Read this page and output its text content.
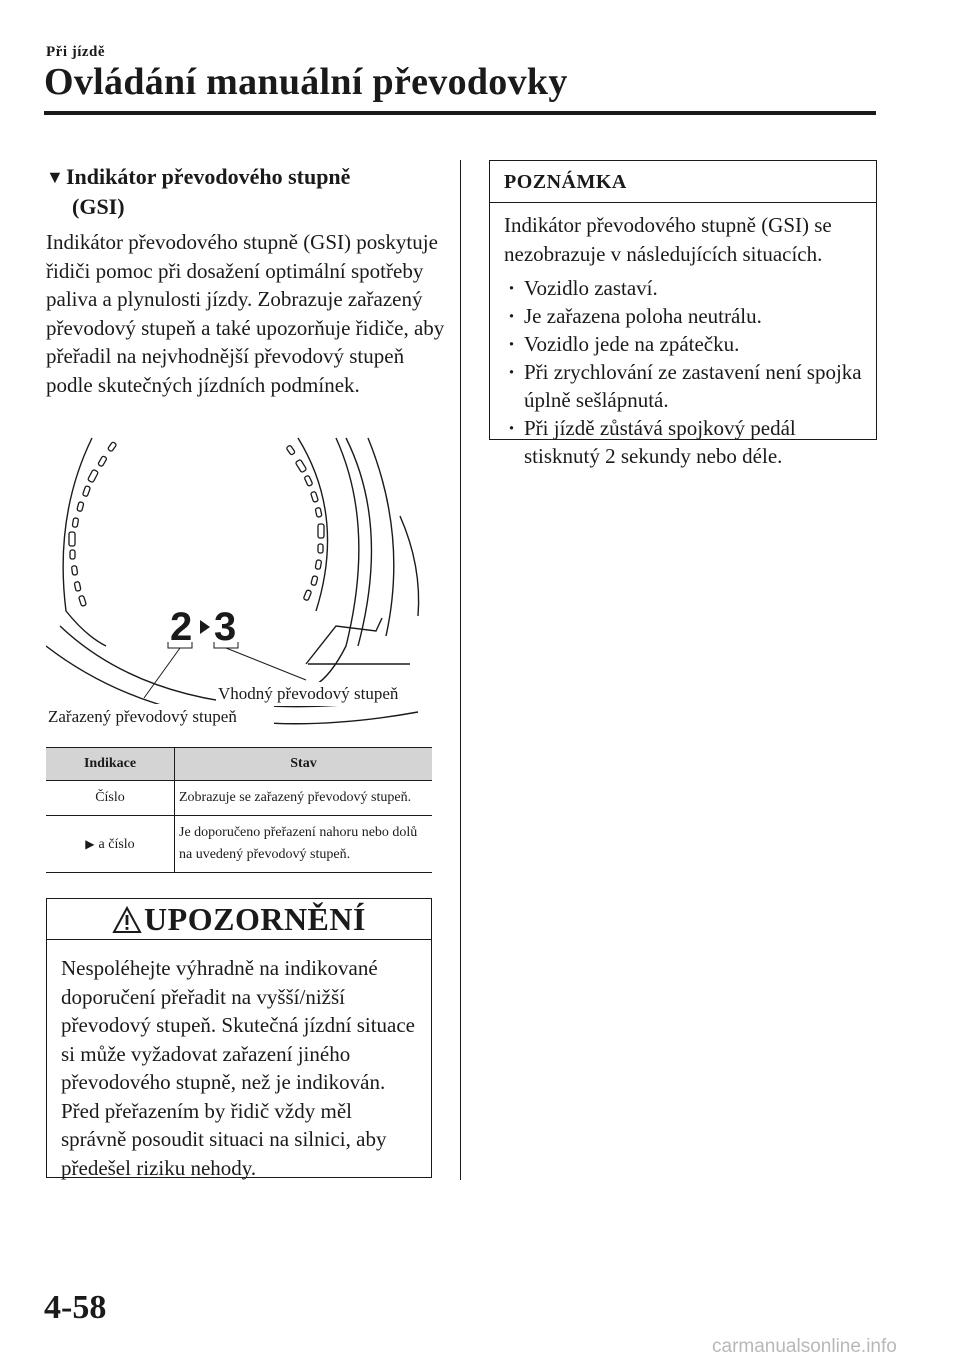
Při jízdě
Ovládání manuální převodovky
▼Indikátor převodového stupně
(GSI)

Indikátor převodového stupně (GSI) poskytuje řidiči pomoc při dosažení optimální spotřeby paliva a plynulosti jízdy. Zobrazuje zařazený převodový stupeň a také upozorňuje řidiče, aby přeřadil na nejvhodnější převodový stupeň podle skutečných jízdních podmínek.

2 3
Vhodný převodový stupeň
Zařazený převodový stupeň
Indikace	Stav
Číslo	Zobrazuje se zařazený převodový stupeň.
▶ a číslo	Je doporučeno přeřazení nahoru nebo dolů na uvedený převodový stupeň.
UPOZORNĚNÍ

Nespoléhejte výhradně na indikované doporučení přeřadit na vyšší/nižší převodový stupeň. Skutečná jízdní situace si může vyžadovat zařazení jiného převodového stupně, než je indikován. Před přeřazením by řidič vždy měl správně posoudit situaci na silnici, aby předešel riziku nehody.

POZNÁMKA

Indikátor převodového stupně (GSI) se nezobrazuje v následujících situacích.

· Vozidlo zastaví.
· Je zařazena poloha neutrálu.
· Vozidlo jede na zpátečku.
· Při zrychlování ze zastavení není spojka úplně sešlápnutá.
· Při jízdě zůstává spojkový pedál stisknutý 2 sekundy nebo déle.
4-58
carmanualsonline.info
